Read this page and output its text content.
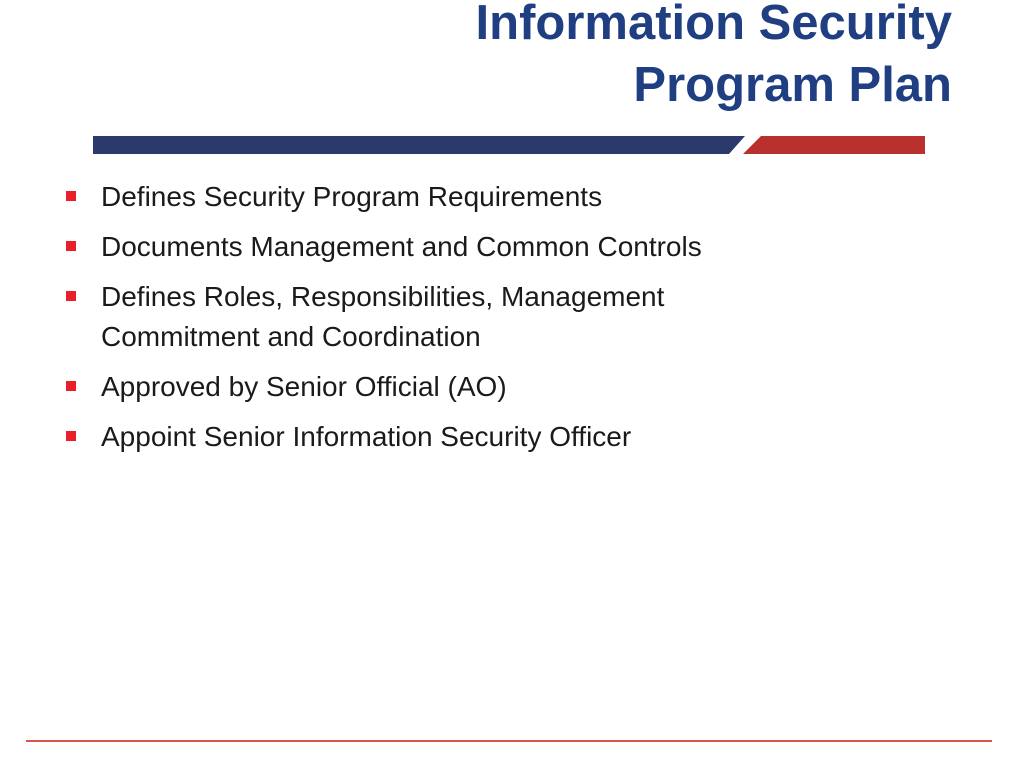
Information Security
Program Plan
Defines Security Program Requirements
Documents Management and Common Controls
Defines Roles, Responsibilities, Management Commitment and Coordination
Approved by Senior Official (AO)
Appoint Senior Information Security Officer
